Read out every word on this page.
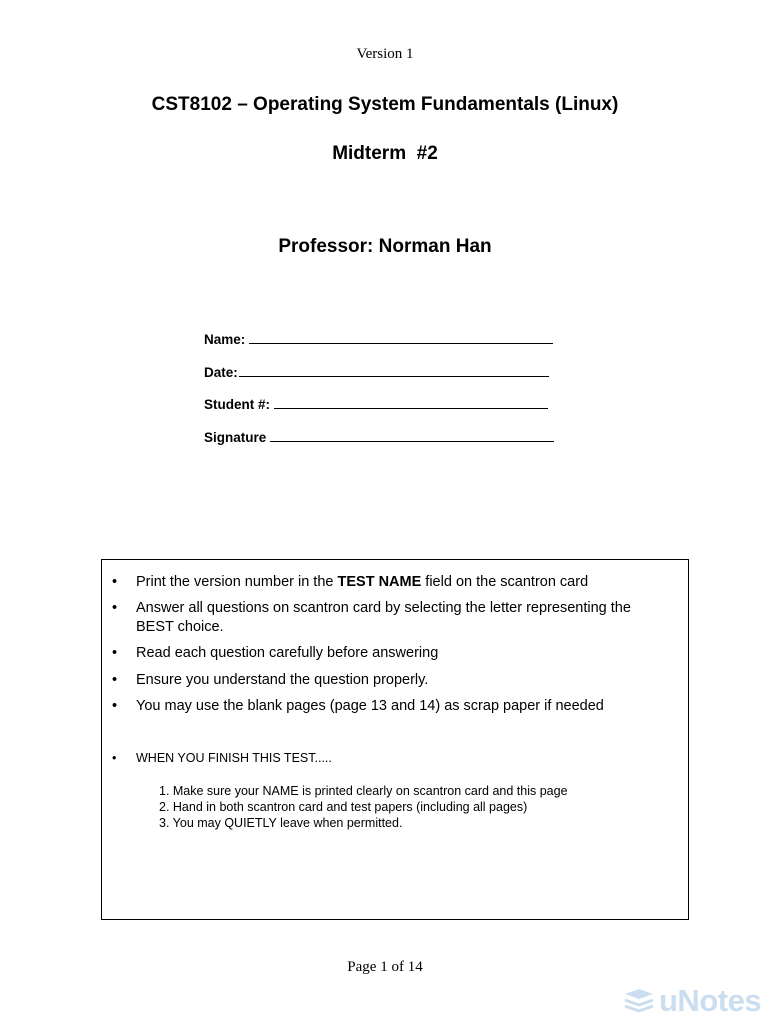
Version 1
CST8102 – Operating System Fundamentals (Linux)
Midterm  #2
Professor: Norman Han
Name:
Date:
Student #:
Signature
• Print the version number in the TEST NAME field on the scantron card
• Answer all questions on scantron card by selecting the letter representing the BEST choice.
• Read each question carefully before answering
• Ensure you understand the question properly.
• You may use the blank pages (page 13 and 14) as scrap paper if needed
• WHEN YOU FINISH THIS TEST.....
1. Make sure your NAME is printed clearly on scantron card and this page
2. Hand in both scantron card and test papers (including all pages)
3. You may QUIETLY leave when permitted.
Page 1 of 14
uNotes
